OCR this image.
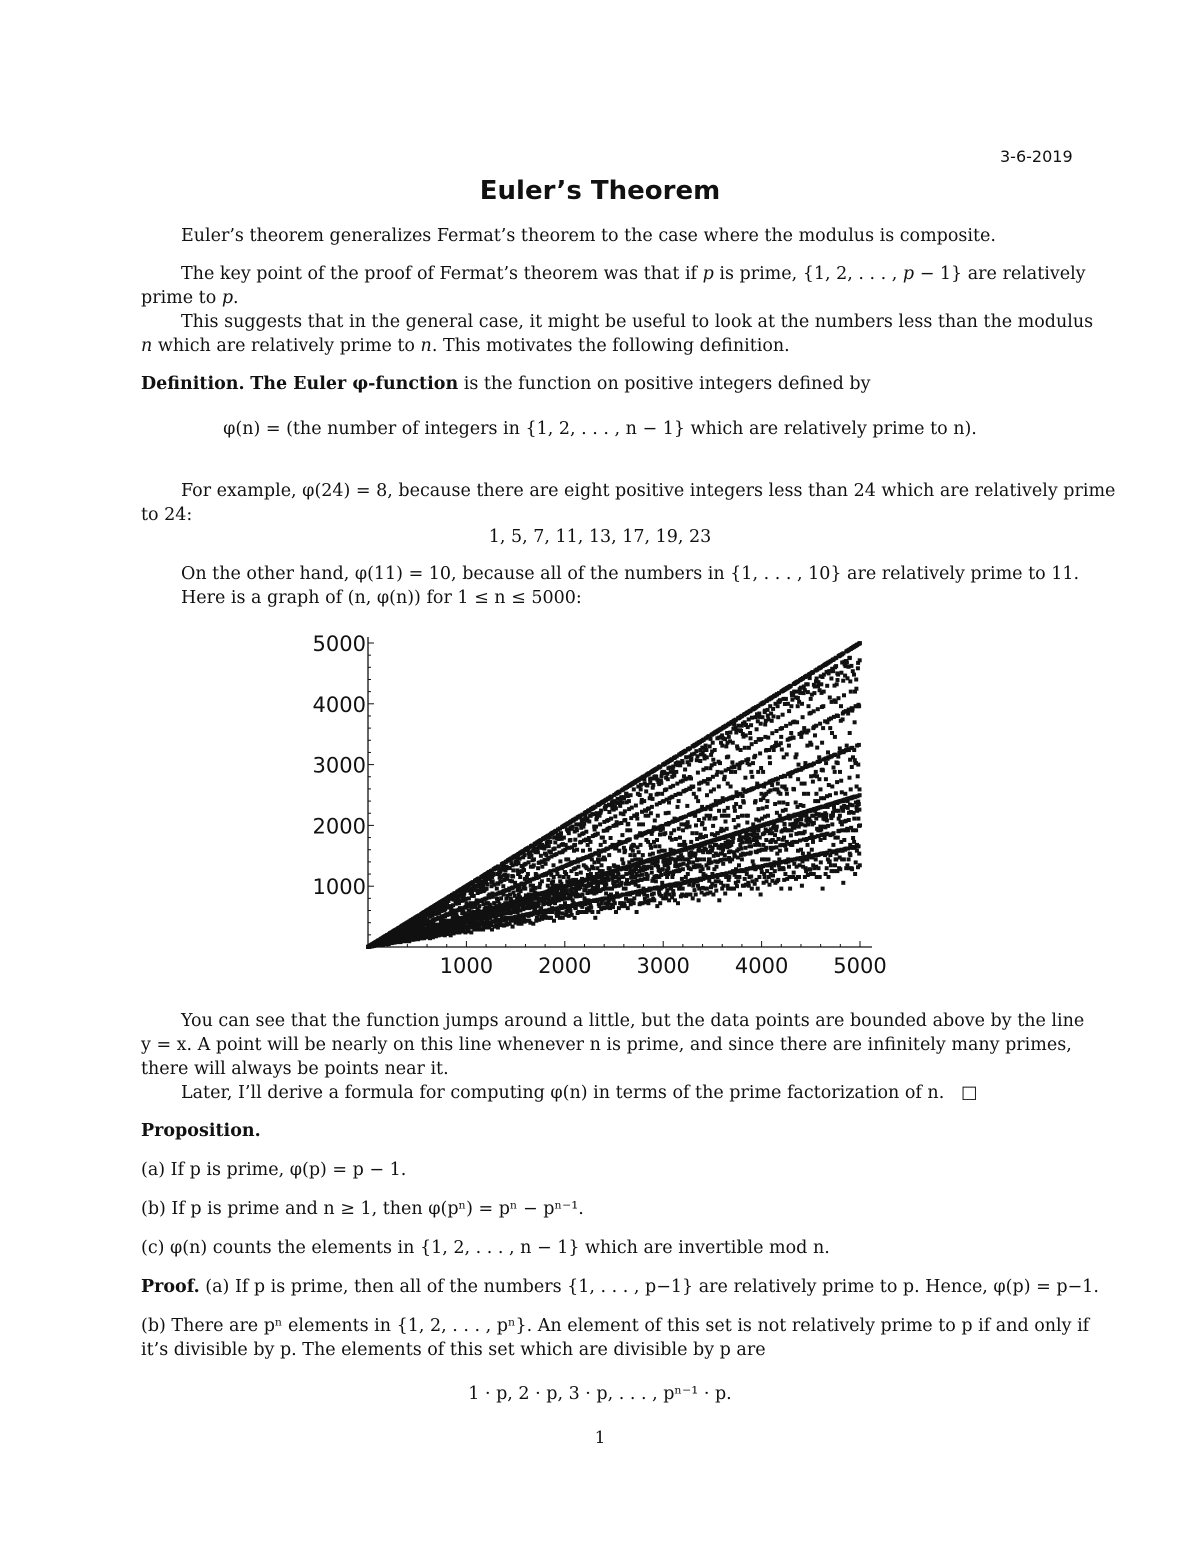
3-6-2019
Euler’s Theorem
Euler’s theorem generalizes Fermat’s theorem to the case where the modulus is composite.
The key point of the proof of Fermat’s theorem was that if p is prime, {1, 2, . . . , p − 1} are relatively
prime to p.
This suggests that in the general case, it might be useful to look at the numbers less than the modulus
n which are relatively prime to n. This motivates the following definition.
Definition. The Euler φ-function is the function on positive integers defined by
φ(n) = (the number of integers in {1, 2, . . . , n − 1} which are relatively prime to n).
For example, φ(24) = 8, because there are eight positive integers less than 24 which are relatively prime
to 24:
1, 5, 7, 11, 13, 17, 19, 23
On the other hand, φ(11) = 10, because all of the numbers in {1, . . . , 10} are relatively prime to 11.
Here is a graph of (n, φ(n)) for 1 ≤ n ≤ 5000:
1000 2000 3000 4000 5000
1000
2000
3000
4000
5000
You can see that the function jumps around a little, but the data points are bounded above by the line
y = x. A point will be nearly on this line whenever n is prime, and since there are infinitely many primes,
there will always be points near it.
Later, I’ll derive a formula for computing φ(n) in terms of the prime factorization of n. □
Proposition.
(a) If p is prime, φ(p) = p − 1.
(b) If p is prime and n ≥ 1, then φ(pⁿ) = pⁿ − pⁿ⁻¹.
(c) φ(n) counts the elements in {1, 2, . . . , n − 1} which are invertible mod n.
Proof. (a) If p is prime, then all of the numbers {1, . . . , p−1} are relatively prime to p. Hence, φ(p) = p−1.
(b) There are pⁿ elements in {1, 2, . . . , pⁿ}. An element of this set is not relatively prime to p if and only if
it’s divisible by p. The elements of this set which are divisible by p are
1 · p, 2 · p, 3 · p, . . . , pⁿ⁻¹ · p.
1
